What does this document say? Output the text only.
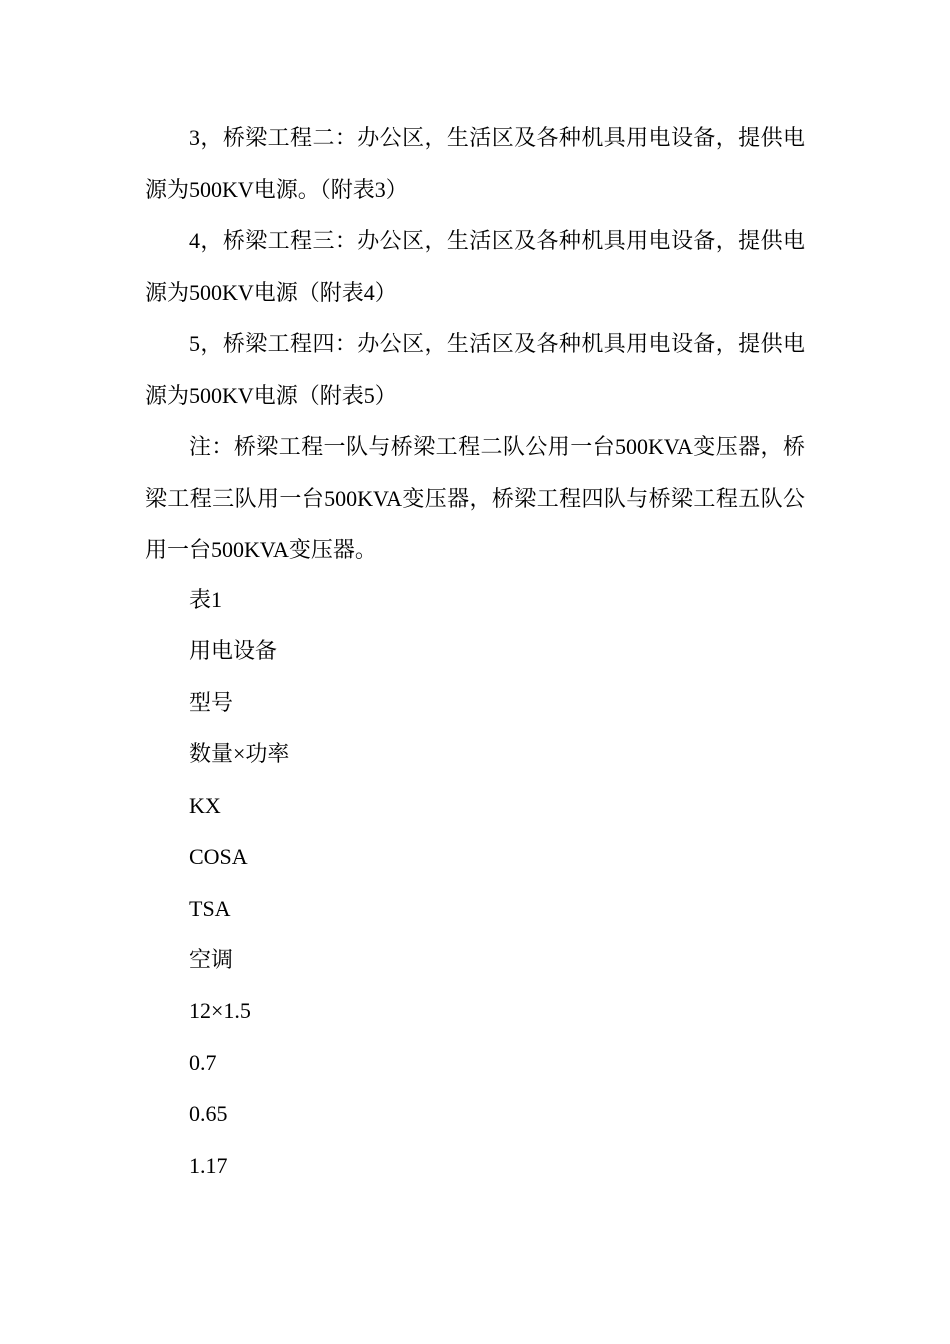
3，桥梁工程二：办公区，生活区及各种机具用电设备，提供电源为500KV电源。（附表3）

4，桥梁工程三：办公区，生活区及各种机具用电设备，提供电源为500KV电源（附表4）

5，桥梁工程四：办公区，生活区及各种机具用电设备，提供电源为500KV电源（附表5）

注：桥梁工程一队与桥梁工程二队公用一台500KVA变压器，桥梁工程三队用一台500KVA变压器，桥梁工程四队与桥梁工程五队公用一台500KVA变压器。

表1
用电设备
型号
数量×功率
KX
COSA
TSA
空调
12×1.5
0.7
0.65
1.17
